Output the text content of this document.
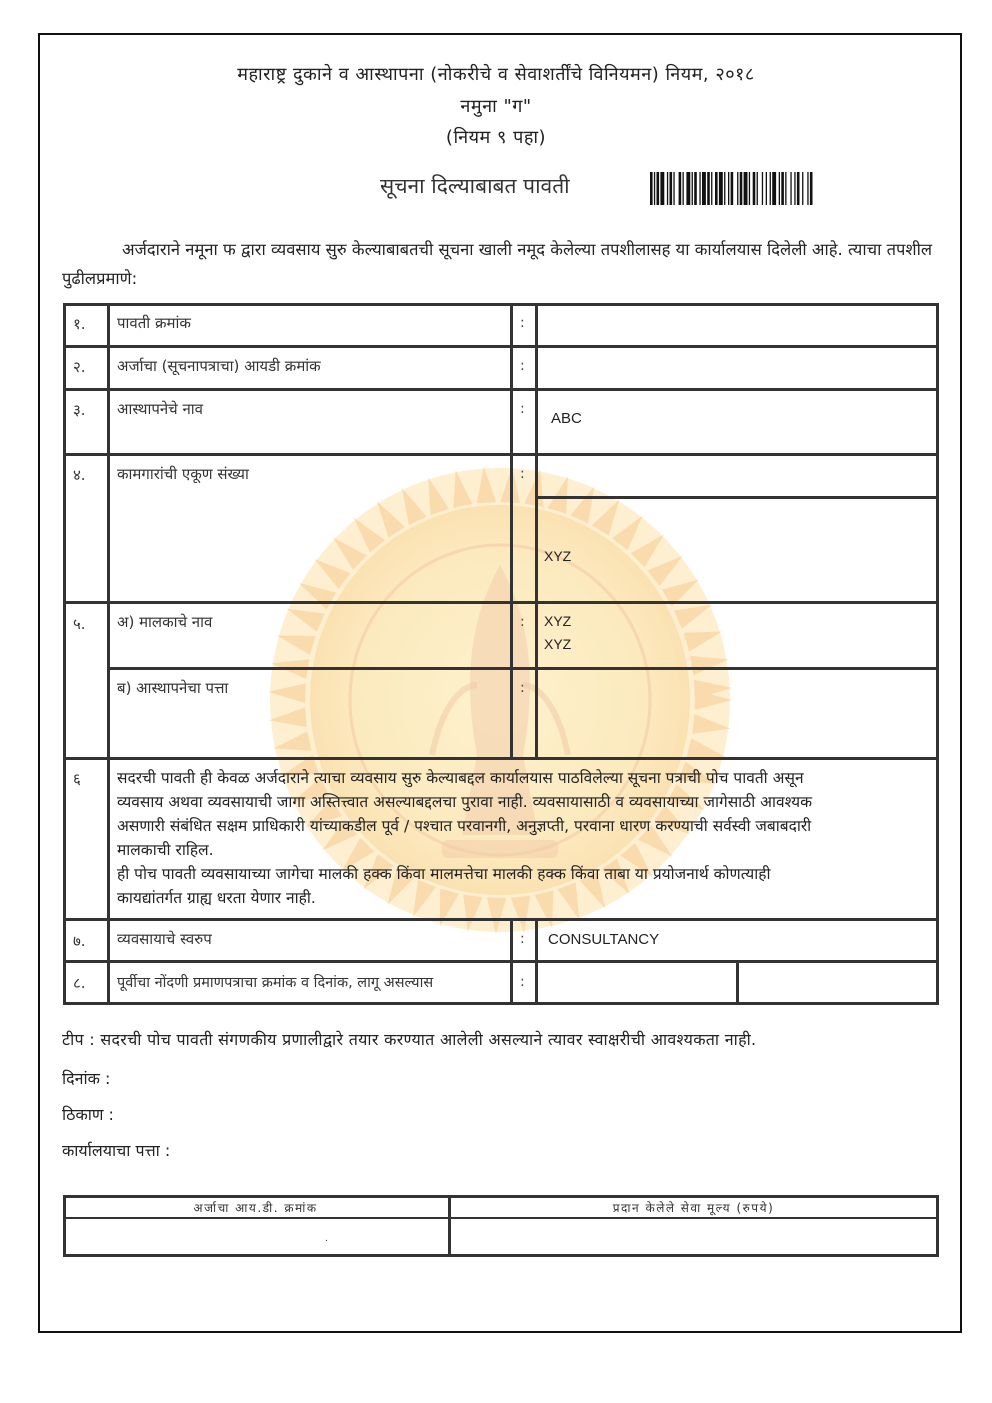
महाराष्ट्र दुकाने व आस्थापना (नोकरीचे व सेवाशर्तींचे विनियमन) नियम, २०१८
नमुना "ग"
(नियम ९ पहा)
सूचना दिल्याबाबत पावती
अर्जदाराने नमूना फ द्वारा व्यवसाय सुरु केल्याबाबतची सूचना खाली नमूद केलेल्या तपशीलासह या कार्यालयास दिलेली आहे. त्याचा तपशील पुढीलप्रमाणे:
१. पावती क्रमांक	:
२. अर्जाचा (सूचनापत्राचा) आयडी क्रमांक	:
३. आस्थापनेचे नाव	:
ABC
४. कामगारांची एकूण संख्या	:
XYZ
५. अ) मालकाचे नाव	: XYZ
XYZ
ब) आस्थापनेचा पत्ता	:
६ सदरची पावती ही केवळ अर्जदाराने त्याचा व्यवसाय सुरु केल्याबद्दल कार्यालयास पाठविलेल्या सूचना पत्राची पोच पावती असून
व्यवसाय अथवा व्यवसायाची जागा अस्तित्त्वात असल्याबद्दलचा पुरावा नाही. व्यवसायासाठी व व्यवसायाच्या जागेसाठी आवश्यक
असणारी संबंधित सक्षम प्राधिकारी यांच्याकडील पूर्व / पश्चात परवानगी, अनुज्ञप्ती, परवाना धारण करण्याची सर्वस्वी जबाबदारी
मालकाची राहिल.
ही पोच पावती व्यवसायाच्या जागेचा मालकी हक्क किंवा मालमत्तेचा मालकी हक्क किंवा ताबा या प्रयोजनार्थ कोणत्याही
कायद्यांतर्गत ग्राह्य धरता येणार नाही.
७. व्यवसायाचे स्वरुप	: CONSULTANCY
८. पूर्वीचा नोंदणी प्रमाणपत्राचा क्रमांक व दिनांक, लागू असल्यास	:
टीप : सदरची पोच पावती संगणकीय प्रणालीद्वारे तयार करण्यात आलेली असल्याने त्यावर स्वाक्षरीची आवश्यकता नाही.
दिनांक :
ठिकाण :
कार्यालयाचा पत्ता :
अर्जाचा आय.डी. क्रमांक	प्रदान केलेले सेवा मूल्य (रुपये)
.
